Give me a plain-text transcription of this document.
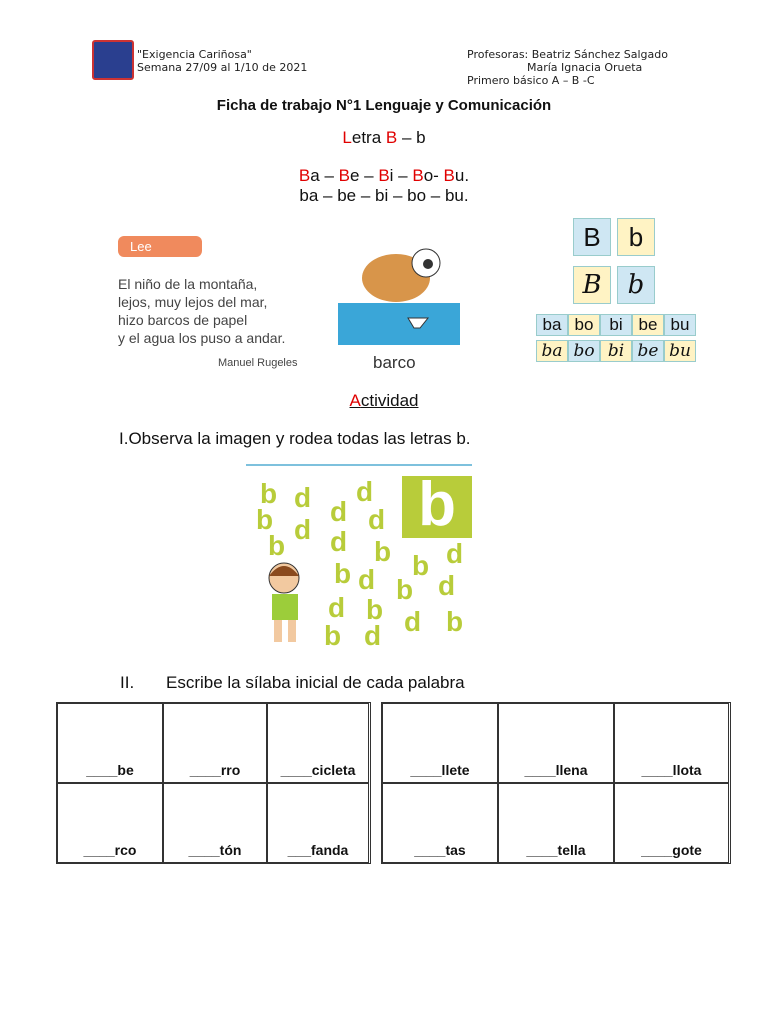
"Exigencia Cariñosa"
Semana 27/09 al 1/10 de 2021
Profesoras: Beatriz Sánchez Salgado
María Ignacia Orueta
Primero básico A – B -C
Ficha de trabajo N°1 Lenguaje y Comunicación
Letra B – b
Ba – Be – Bi – Bo- Bu.
ba – be – bi – bo – bu.
Lee
El niño de la montaña,
lejos, muy lejos del mar,
hizo barcos de papel
y el agua los puso a andar.
Manuel Rugeles	barco
B b
B b
ba bo bi be bu
ba bo bi be bu
Actividad
I.Observa la imagen y rodea todas las letras b.
b
b d d
d
b d d
b d b b d
b d b d
d b
b d d b
II. Escribe la sílaba inicial de cada palabra
____be	____rro	____cicleta
____rco	____tón	___fanda
____llete	____llena	____llota
____tas	____tella	____gote
